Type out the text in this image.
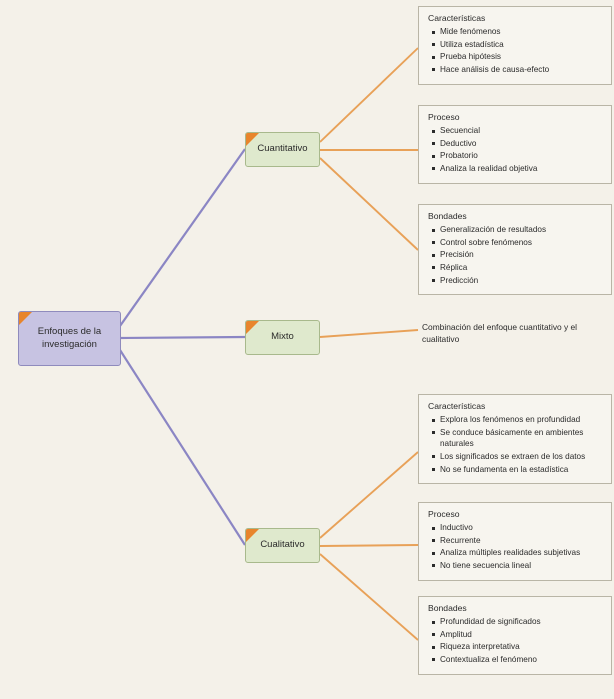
Enfoques de la
investigación
Cuantitativo
Mixto
Cualitativo
Características
Mide fenómenos
Utiliza estadística
Prueba hipótesis
Hace análisis de causa-efecto
Proceso
Secuencial
Deductivo
Probatorio
Analiza la realidad objetiva
Bondades
Generalización de resultados
Control sobre fenómenos
Precisión
Réplica
Predicción
Combinación del enfoque cuantitativo y el cualitativo
Características
Explora los fenómenos en profundidad
Se conduce básicamente en ambientes naturales
Los significados se extraen de los datos
No se fundamenta en la estadística
Proceso
Inductivo
Recurrente
Analiza múltiples realidades subjetivas
No tiene secuencia lineal
Bondades
Profundidad de significados
Amplitud
Riqueza interpretativa
Contextualiza el fenómeno
